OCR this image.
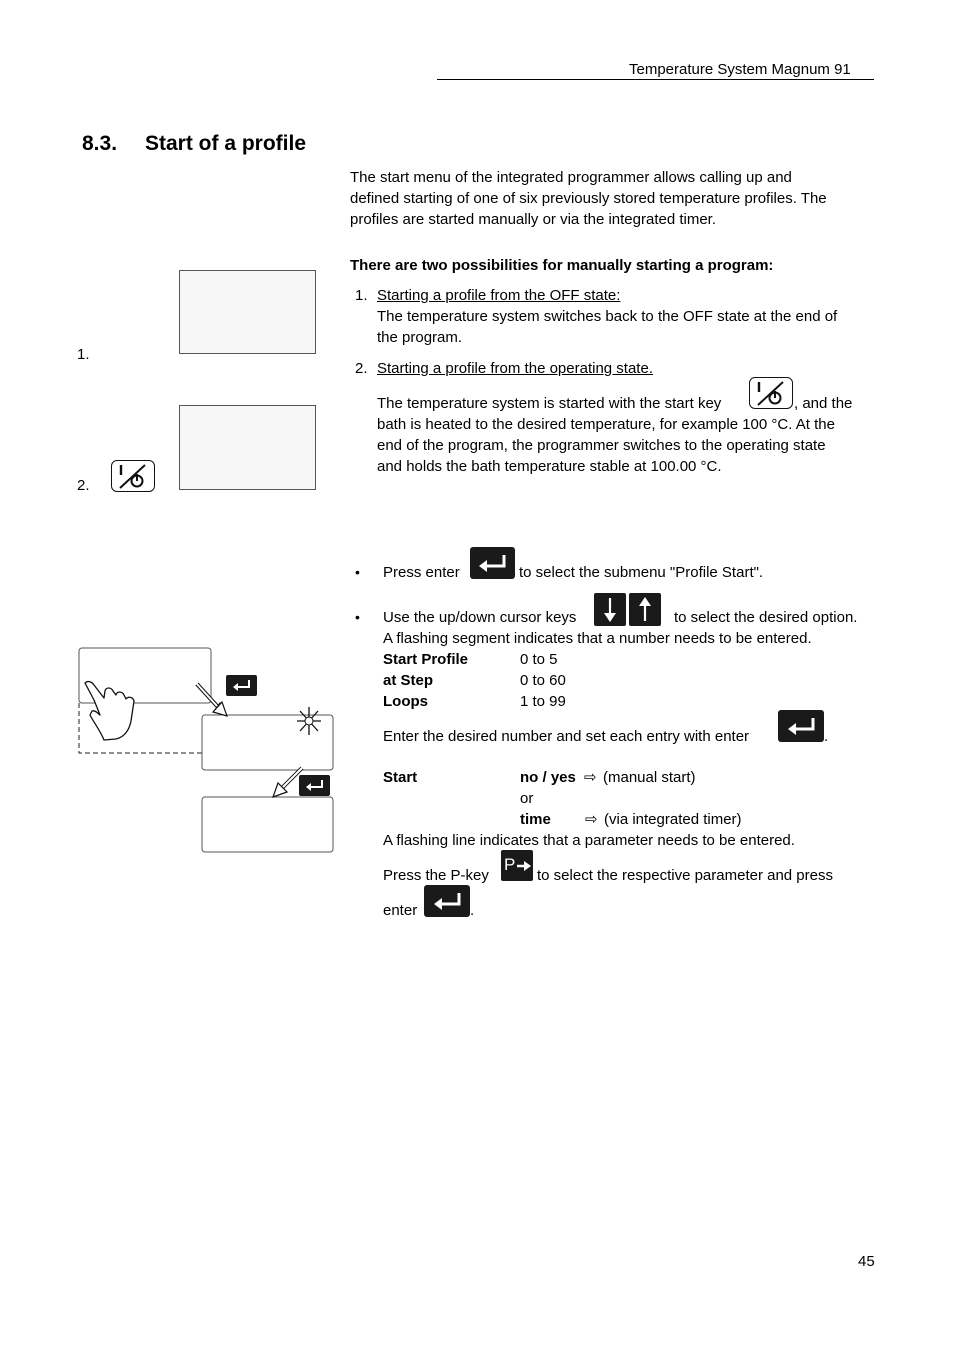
Temperature System Magnum 91
8.3. Start of a profile
The start menu of the integrated programmer allows calling up and
defined starting of one of six previously stored temperature profiles. The
profiles are started manually or via the integrated timer.
There are two possibilities for manually starting a program:
1. Starting a profile from the OFF state:
The temperature system switches back to the OFF state at the end of
the program.
2. Starting a profile from the operating state.
The temperature system is started with the start key	, and the
bath is heated to the desired temperature, for example 100 °C. At the
end of the program, the programmer switches to the operating state
and holds the bath temperature stable at 100.00 °C.
1.
2.
• Press enter	to select the submenu "Profile Start".
• Use the up/down cursor keys	to select the desired option.
A flashing segment indicates that a number needs to be entered.
Start Profile	0 to 5
at Step	0 to 60
Loops	1 to 99
Enter the desired number and set each entry with enter	.
Start	no / yes ⇨ (manual start)
or
time ⇨ (via integrated timer)
A flashing line indicates that a parameter needs to be entered.
Press the P-key
P
to select the respective parameter and press
enter	.
45
